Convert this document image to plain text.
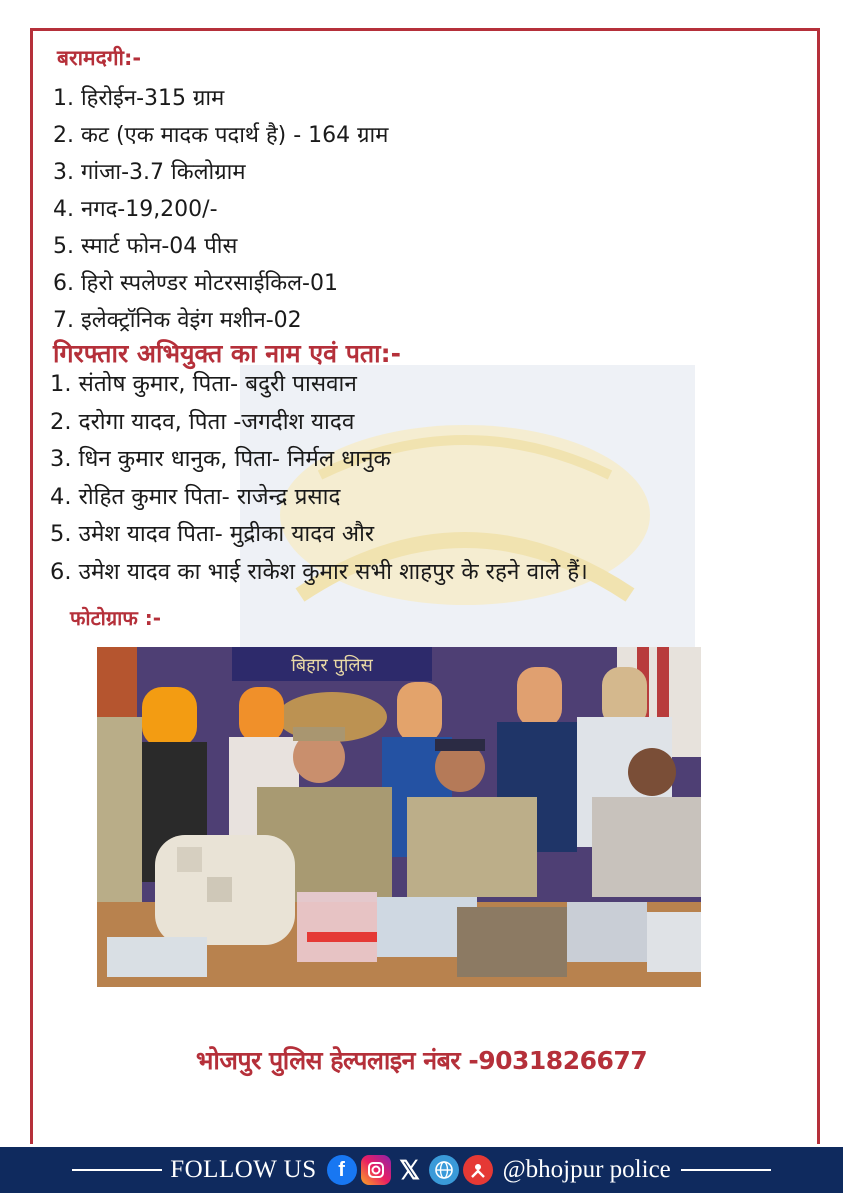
बरामदगी:-

1. हिरोईन-315 ग्राम
2. कट (एक मादक पदार्थ है) - 164 ग्राम
3. गांजा-3.7 किलोग्राम
4. नगद-19,200/-
5. स्मार्ट फोन-04 पीस
6. हिरो स्पलेण्डर मोटरसाईकिल-01
7. इलेक्ट्रॉनिक वेइंग मशीन-02

गिरफ्तार अभियुक्त का नाम एवं पता:-

1. संतोष कुमार, पिता- बदुरी पासवान
2. दरोगा यादव, पिता -जगदीश यादव
3. धिन कुमार धानुक, पिता- निर्मल धानुक
4. रोहित कुमार पिता- राजेन्द्र प्रसाद
5. उमेश यादव पिता- मुद्रीका यादव और
6. उमेश यादव का भाई राकेश कुमार सभी शाहपुर के रहने वाले हैं।

फोटोग्राफ :-

बिहार पुलिस
भोजपुर पुलिस हेल्पलाइन नंबर -9031826677
FOLLOW US	f	𝕏	@bhojpur police
